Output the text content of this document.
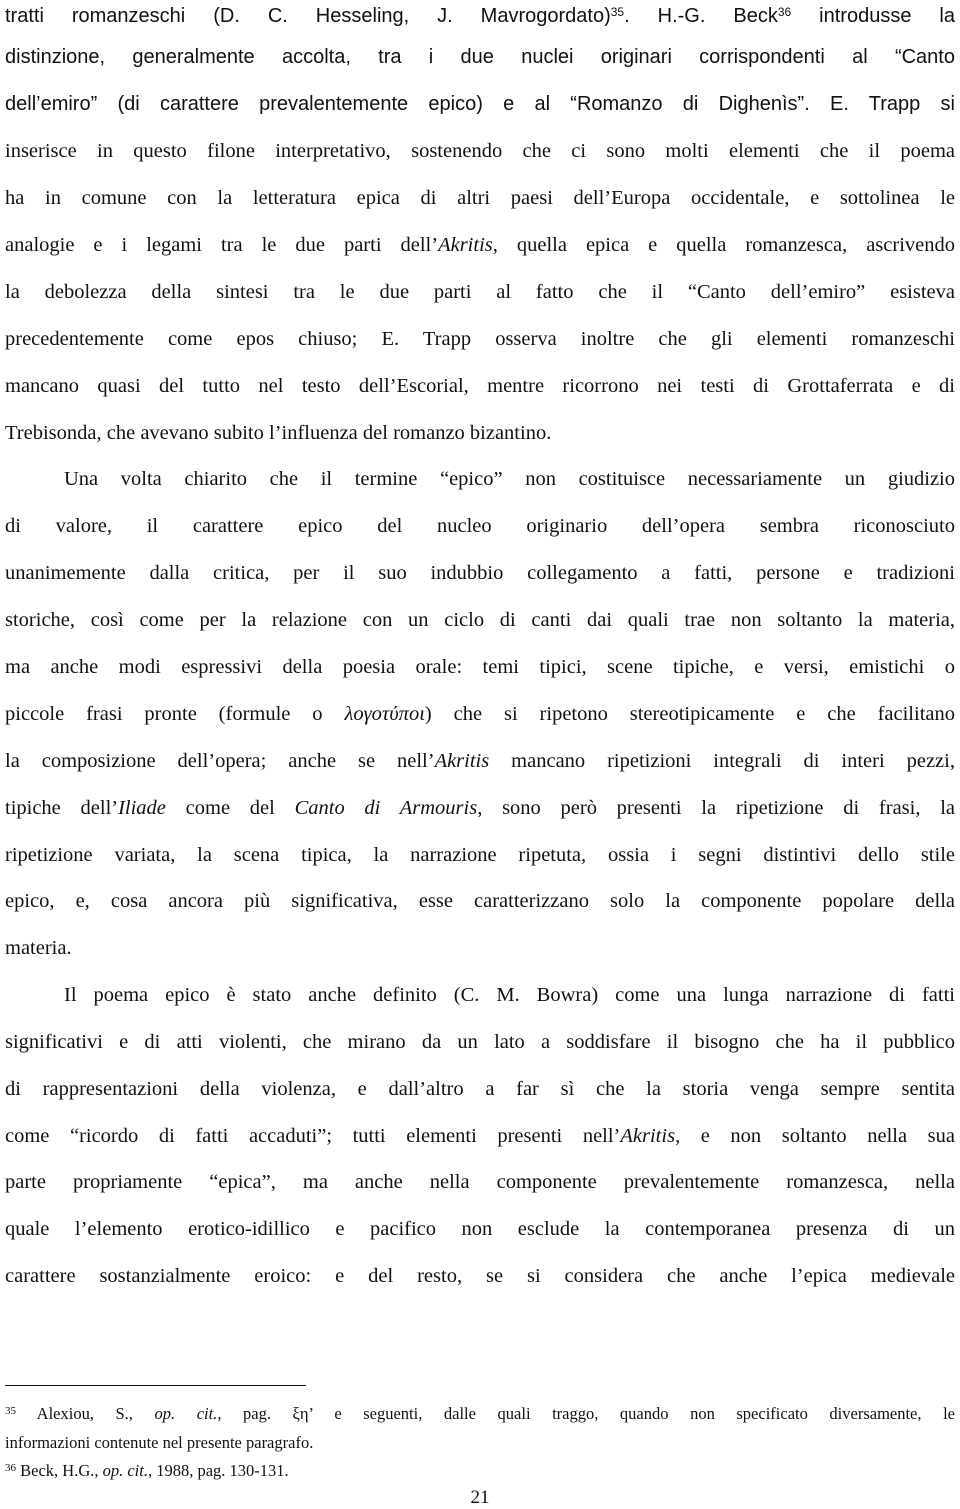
tratti romanzeschi (D. C. Hesseling, J. Mavrogordato)$^{35}$. H.-G. Beck$^{36}$ introdusse la
distinzione, generalmente accolta, tra i due nuclei originari corrispondenti al “Canto
dell’emiro” (di carattere prevalentemente epico) e al “Romanzo di Dighenìs”. E. Trapp si
inserisce in questo filone interpretativo, sostenendo che ci sono molti elementi che il poema
ha in comune con la letteratura epica di altri paesi dell’Europa occidentale, e sottolinea le
analogie e i legami tra le due parti dell’Akritis, quella epica e quella romanzesca, ascrivendo
la debolezza della sintesi tra le due parti al fatto che il “Canto dell’emiro” esisteva
precedentemente come epos chiuso; E. Trapp osserva inoltre che gli elementi romanzeschi
mancano quasi del tutto nel testo dell’Escorial, mentre ricorrono nei testi di Grottaferrata e di
Trebisonda, che avevano subito l’influenza del romanzo bizantino.
Una volta chiarito che il termine “epico” non costituisce necessariamente un giudizio
di valore, il carattere epico del nucleo originario dell’opera sembra riconosciuto
unanimemente dalla critica, per il suo indubbio collegamento a fatti, persone e tradizioni
storiche, così come per la relazione con un ciclo di canti dai quali trae non soltanto la materia,
ma anche modi espressivi della poesia orale: temi tipici, scene tipiche, e versi, emistichi o
piccole frasi pronte (formule o λογοτύποι) che si ripetono stereotipicamente e che facilitano
la composizione dell’opera; anche se nell’Akritis mancano ripetizioni integrali di interi pezzi,
tipiche dell’Iliade come del Canto di Armouris, sono però presenti la ripetizione di frasi, la
ripetizione variata, la scena tipica, la narrazione ripetuta, ossia i segni distintivi dello stile
epico, e, cosa ancora più significativa, esse caratterizzano solo la componente popolare della
materia.
Il poema epico è stato anche definito (C. M. Bowra) come una lunga narrazione di fatti
significativi e di atti violenti, che mirano da un lato a soddisfare il bisogno che ha il pubblico
di rappresentazioni della violenza, e dall’altro a far sì che la storia venga sempre sentita
come “ricordo di fatti accaduti”; tutti elementi presenti nell’Akritis, e non soltanto nella sua
parte propriamente “epica”, ma anche nella componente prevalentemente romanzesca, nella
quale l’elemento erotico-idillico e pacifico non esclude la contemporanea presenza di un
carattere sostanzialmente eroico: e del resto, se si considera che anche l’epica medievale
$^{35}$ Alexiou, S., op. cit., pag. ξη’ e seguenti, dalle quali traggo, quando non specificato diversamente, le
informazioni contenute nel presente paragrafo.
$^{36}$ Beck, H.G., op. cit., 1988, pag. 130-131.
21
